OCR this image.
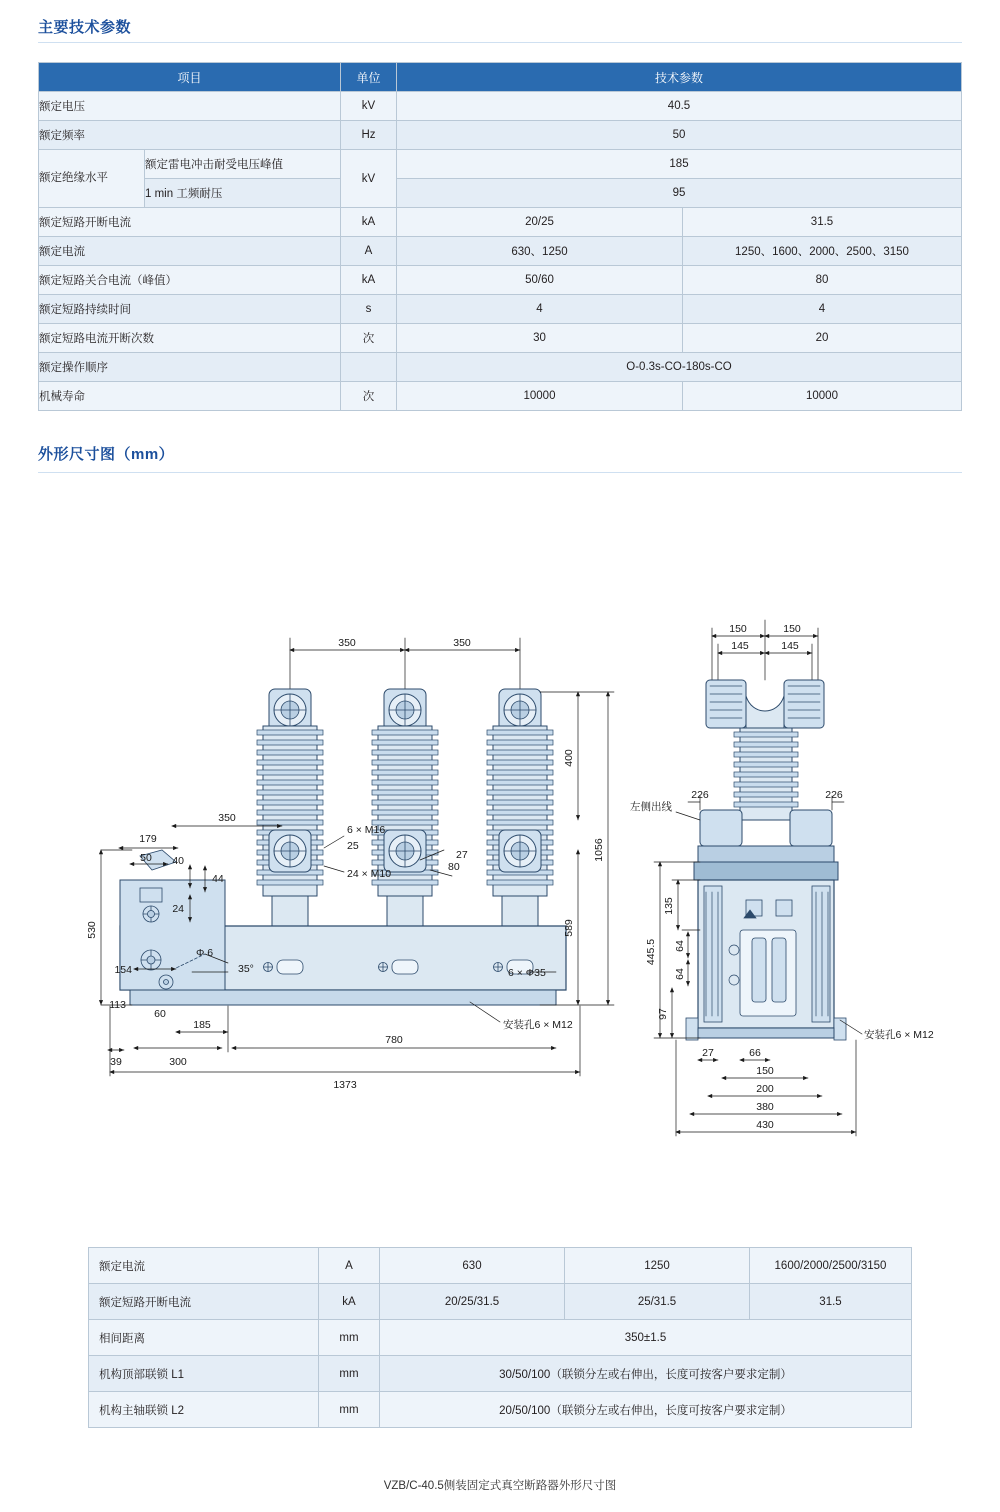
主要技术参数
项目		单位	技术参数	
额定电压		kV	40.5	
额定频率		Hz	50	
额定绝缘水平	额定雷电冲击耐受电压峰值	kV	185	
	1 min 工频耐压		95	
额定短路开断电流		kA	20/25	31.5
额定电流		A	630、1250	1250、1600、2000、2500、3150
额定短路关合电流（峰值）		kA	50/60	80
额定短路持续时间		s	4	4
额定短路电流开断次数		次	30	20
额定操作顺序			O-0.3s-CO-180s-CO	
机械寿命		次	10000	10000
外形尺寸图（mm）
350	350
530
179
50 40
44
24
350
154
113
60
35°
Φ 6
6 × M16
25
24 × M10
80
27
6 × Φ35
400
1056
589
安装孔6 × M12
39	300
185
780
1373
150	150
145	145
226	226
左侧出线
445.5
135
64
64
97
27	66
150
200
380
430
安装孔6 × M12
额定电流	A	630	1250	1600/2000/2500/3150
额定短路开断电流	kA	20/25/31.5	25/31.5	31.5
相间距离	mm	350±1.5		
机构顶部联锁 L1	mm	30/50/100（联锁分左或右伸出，长度可按客户要求定制）		
机构主轴联锁 L2	mm	20/50/100（联锁分左或右伸出，长度可按客户要求定制）		
VZB/C-40.5侧装固定式真空断路器外形尺寸图
